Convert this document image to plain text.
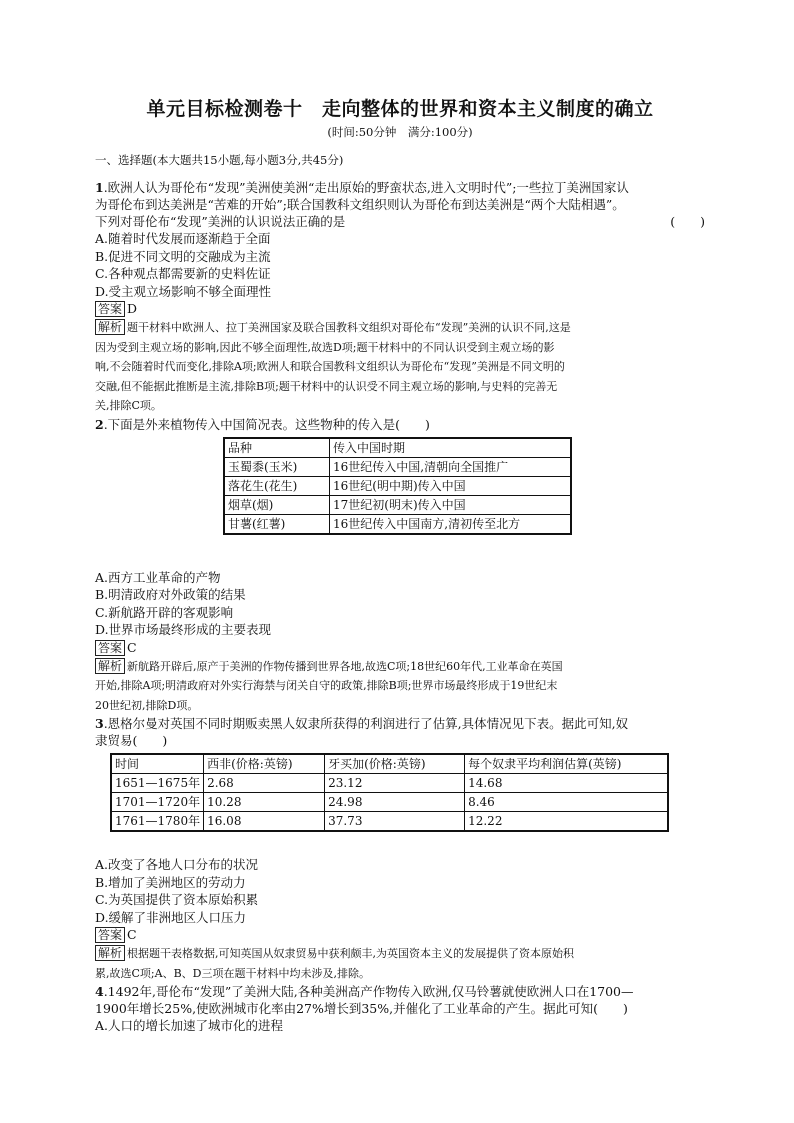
单元目标检测卷十　走向整体的世界和资本主义制度的确立

(时间:50分钟　满分:100分)

一、选择题(本大题共15小题,每小题3分,共45分)

1.欧洲人认为哥伦布“发现”美洲使美洲“走出原始的野蛮状态,进入文明时代”;一些拉丁美洲国家认

为哥伦布到达美洲是“苦难的开始”;联合国教科文组织则认为哥伦布到达美洲是“两个大陆相遇”。

下列对哥伦布“发现”美洲的认识说法正确的是	(　　)

A.随着时代发展而逐渐趋于全面

B.促进不同文明的交融成为主流

C.各种观点都需要新的史料佐证

D.受主观立场影响不够全面理性

答案 D

解析 题干材料中欧洲人、拉丁美洲国家及联合国教科文组织对哥伦布“发现”美洲的认识不同,这是

因为受到主观立场的影响,因此不够全面理性,故选D项;题干材料中的不同认识受到主观立场的影

响,不会随着时代而变化,排除A项;欧洲人和联合国教科文组织认为哥伦布“发现”美洲是不同文明的

交融,但不能据此推断是主流,排除B项;题干材料中的认识受不同主观立场的影响,与史料的完善无

关,排除C项。

2.下面是外来植物传入中国简况表。这些物种的传入是(　　)

品种	传入中国时期
玉蜀黍(玉米)	16世纪传入中国,清朝向全国推广
落花生(花生)	16世纪(明中期)传入中国
烟草(烟)	17世纪初(明末)传入中国
甘薯(红薯)	16世纪传入中国南方,清初传至北方

A.西方工业革命的产物

B.明清政府对外政策的结果

C.新航路开辟的客观影响

D.世界市场最终形成的主要表现

答案 C

解析 新航路开辟后,原产于美洲的作物传播到世界各地,故选C项;18世纪60年代,工业革命在英国

开始,排除A项;明清政府对外实行海禁与闭关自守的政策,排除B项;世界市场最终形成于19世纪末

20世纪初,排除D项。

3.恩格尔曼对英国不同时期贩卖黑人奴隶所获得的利润进行了估算,具体情况见下表。据此可知,奴

隶贸易(　　)

时间	西非(价格:英镑)	牙买加(价格:英镑)	每个奴隶平均利润估算(英镑)
1651—1675年	2.68	23.12	14.68
1701—1720年	10.28	24.98	8.46
1761—1780年	16.08	37.73	12.22

A.改变了各地人口分布的状况

B.增加了美洲地区的劳动力

C.为英国提供了资本原始积累

D.缓解了非洲地区人口压力

答案 C

解析 根据题干表格数据,可知英国从奴隶贸易中获利颇丰,为英国资本主义的发展提供了资本原始积

累,故选C项;A、B、D三项在题干材料中均未涉及,排除。

4.1492年,哥伦布“发现”了美洲大陆,各种美洲高产作物传入欧洲,仅马铃薯就使欧洲人口在1700—

1900年增长25%,使欧洲城市化率由27%增长到35%,并催化了工业革命的产生。据此可知(　　)

A.人口的增长加速了城市化的进程
